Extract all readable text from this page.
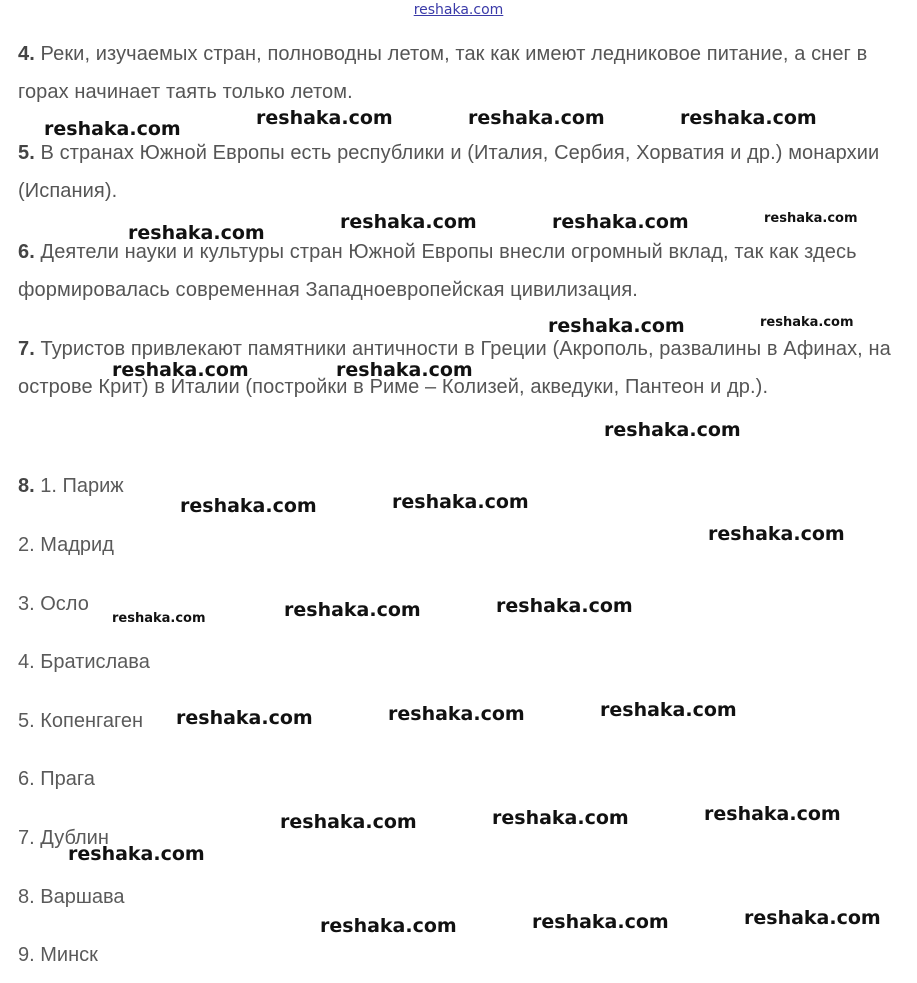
reshaka.com
4. Реки, изучаемых стран, полноводны летом, так как имеют ледниковое питание, а снег в горах начинает таять только летом.
5. В странах Южной Европы есть республики и (Италия, Сербия, Хорватия и др.) монархии (Испания).
6. Деятели науки и культуры стран Южной Европы внесли огромный вклад, так как здесь формировалась современная Западноевропейская цивилизация.
7. Туристов привлекают памятники античности в Греции (Акрополь, развалины в Афинах, на острове Крит) в Италии (постройки в Риме – Колизей, акведуки, Пантеон и др.).
8. 1. Париж
2. Мадрид
3. Осло
4. Братислава
5. Копенгаген
6. Прага
7. Дублин
8. Варшава
9. Минск
reshaka.com	reshaka.com	reshaka.com	reshaka.com
reshaka.com	reshaka.com	reshaka.com	reshaka.com
reshaka.com	reshaka.com
reshaka.com	reshaka.com
reshaka.com
reshaka.com	reshaka.com
reshaka.com
reshaka.com	reshaka.com	reshaka.com
reshaka.com	reshaka.com	reshaka.com
reshaka.com	reshaka.com	reshaka.com
reshaka.com
reshaka.com	reshaka.com	reshaka.com
